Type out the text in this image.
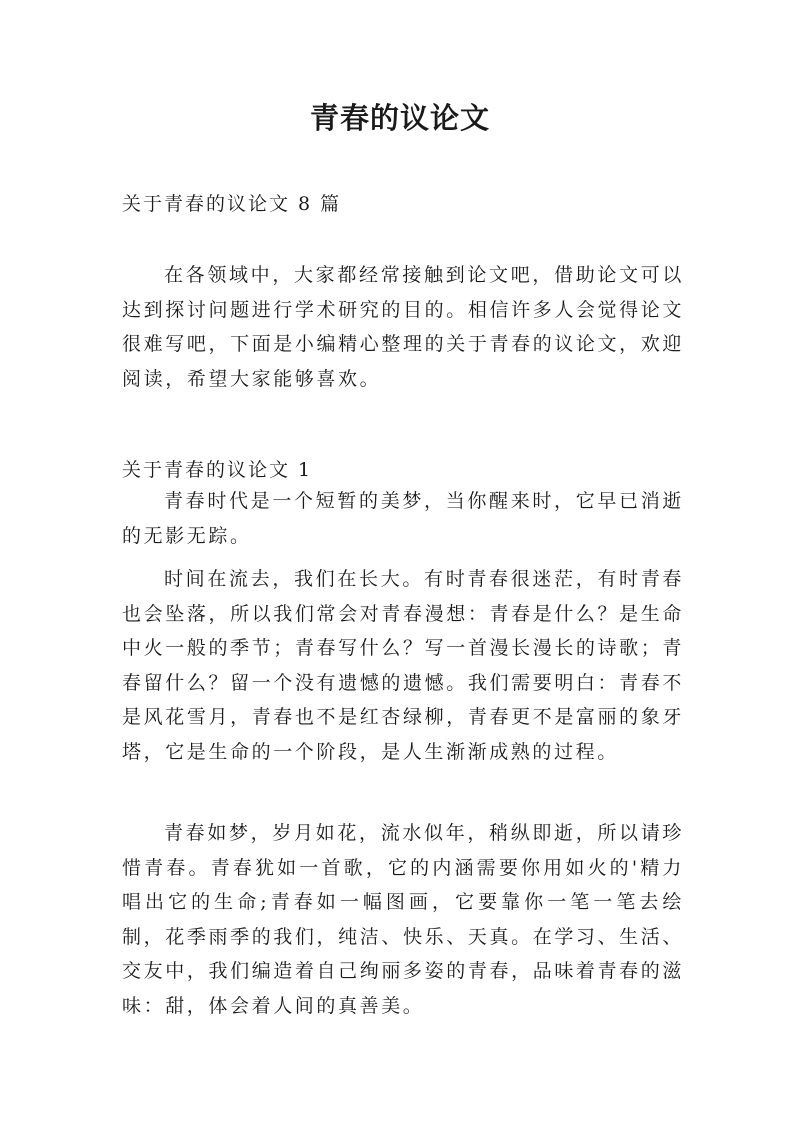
青春的议论文
关于青春的议论文 8 篇

在各领域中，大家都经常接触到论文吧，借助论文可以达到探讨问题进行学术研究的目的。相信许多人会觉得论文很难写吧，下面是小编精心整理的关于青春的议论文，欢迎阅读，希望大家能够喜欢。

关于青春的议论文 1

青春时代是一个短暂的美梦，当你醒来时，它早已消逝的无影无踪。

时间在流去，我们在长大。有时青春很迷茫，有时青春也会坠落，所以我们常会对青春漫想：青春是什么？是生命中火一般的季节；青春写什么？写一首漫长漫长的诗歌；青春留什么？留一个没有遗憾的遗憾。我们需要明白：青春不是风花雪月，青春也不是红杏绿柳，青春更不是富丽的象牙塔，它是生命的一个阶段，是人生渐渐成熟的过程。

青春如梦，岁月如花，流水似年，稍纵即逝，所以请珍惜青春。青春犹如一首歌，它的内涵需要你用如火的'精力唱出它的生命;青春如一幅图画，它要靠你一笔一笔去绘制，花季雨季的我们，纯洁、快乐、天真。在学习、生活、交友中，我们编造着自己绚丽多姿的青春，品味着青春的滋味：甜，体会着人间的真善美。
